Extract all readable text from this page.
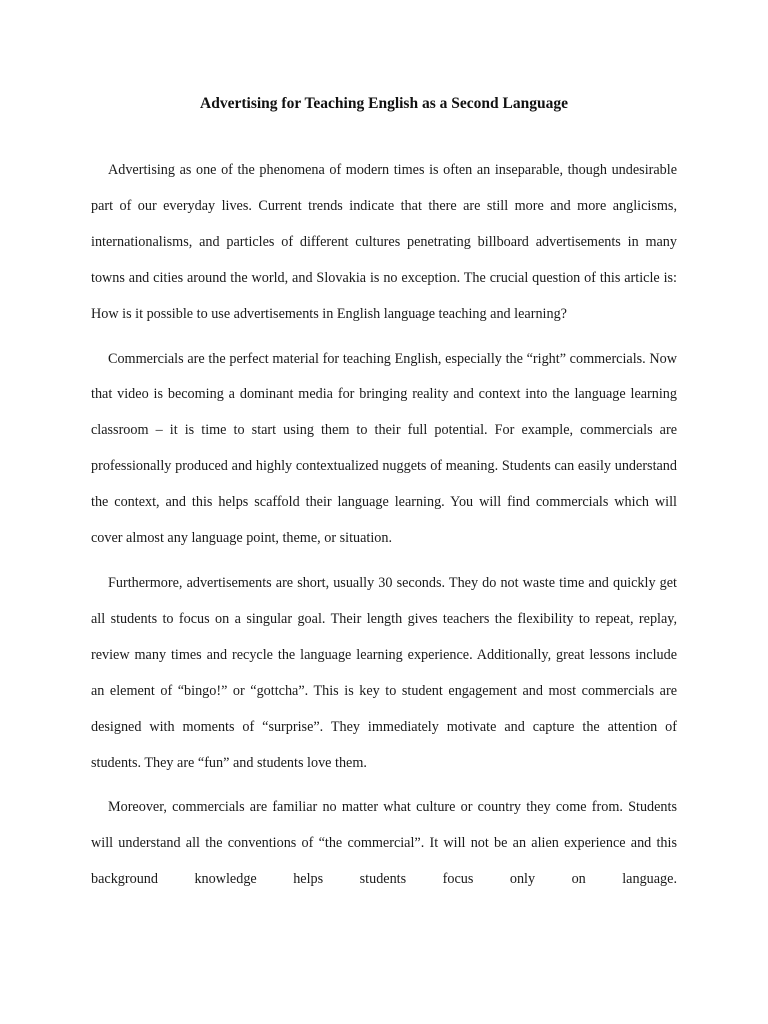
Advertising for Teaching English as a Second Language

Advertising as one of the phenomena of modern times is often an inseparable, though undesirable part of our everyday lives. Current trends indicate that there are still more and more anglicisms, internationalisms, and particles of different cultures penetrating billboard advertisements in many towns and cities around the world, and Slovakia is no exception. The crucial question of this article is: How is it possible to use advertisements in English language teaching and learning?

Commercials are the perfect material for teaching English, especially the “right” commercials. Now that video is becoming a dominant media for bringing reality and context into the language learning classroom – it is time to start using them to their full potential. For example, commercials are professionally produced and highly contextualized nuggets of meaning. Students can easily understand the context, and this helps scaffold their language learning. You will find commercials which will cover almost any language point, theme, or situation.

Furthermore, advertisements are short, usually 30 seconds. They do not waste time and quickly get all students to focus on a singular goal. Their length gives teachers the flexibility to repeat, replay, review many times and recycle the language learning experience. Additionally, great lessons include an element of “bingo!” or “gottcha”. This is key to student engagement and most commercials are designed with moments of “surprise”. They immediately motivate and capture the attention of students. They are “fun” and students love them.

Moreover, commercials are familiar no matter what culture or country they come from. Students will understand all the conventions of “the commercial”. It will not be an alien experience and this background knowledge helps students focus only on language.
